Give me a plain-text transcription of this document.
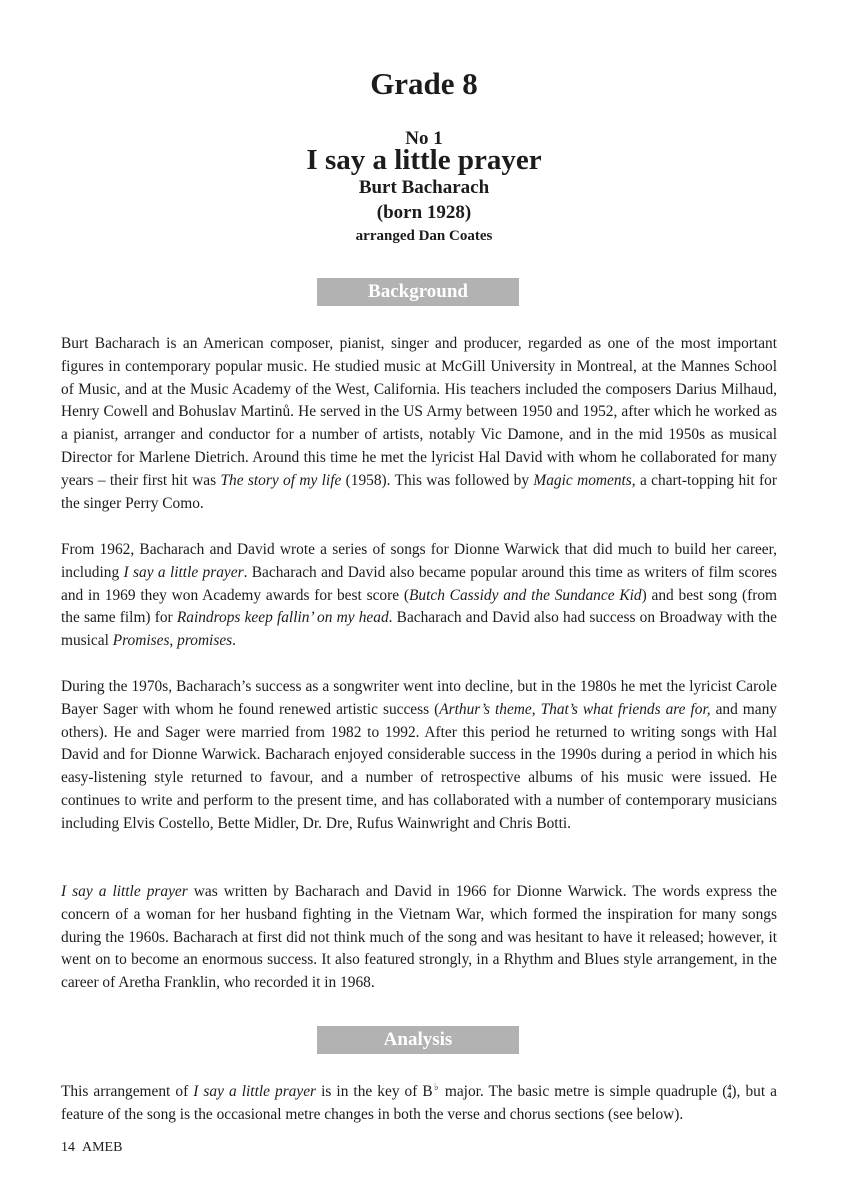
Grade 8
No 1
I say a little prayer
Burt Bacharach
(born 1928)
arranged Dan Coates
Background

Burt Bacharach is an American composer, pianist, singer and producer, regarded as one of the most important figures in contemporary popular music. He studied music at McGill University in Montreal, at the Mannes School of Music, and at the Music Academy of the West, California. His teachers included the composers Darius Milhaud, Henry Cowell and Bohuslav Martinů. He served in the US Army between 1950 and 1952, after which he worked as a pianist, arranger and conductor for a number of artists, notably Vic Damone, and in the mid 1950s as musical Director for Marlene Dietrich. Around this time he met the lyricist Hal David with whom he collaborated for many years – their first hit was The story of my life (1958). This was followed by Magic moments, a chart-topping hit for the singer Perry Como.

From 1962, Bacharach and David wrote a series of songs for Dionne Warwick that did much to build her career, including I say a little prayer. Bacharach and David also became popular around this time as writers of film scores and in 1969 they won Academy awards for best score (Butch Cassidy and the Sundance Kid) and best song (from the same film) for Raindrops keep fallin’ on my head. Bacharach and David also had success on Broadway with the musical Promises, promises.

During the 1970s, Bacharach’s success as a songwriter went into decline, but in the 1980s he met the lyricist Carole Bayer Sager with whom he found renewed artistic success (Arthur’s theme, That’s what friends are for, and many others). He and Sager were married from 1982 to 1992. After this period he returned to writing songs with Hal David and for Dionne Warwick. Bacharach enjoyed considerable success in the 1990s during a period in which his easy-listening style returned to favour, and a number of retrospective albums of his music were issued. He continues to write and perform to the present time, and has collaborated with a number of contemporary musicians including Elvis Costello, Bette Midler, Dr. Dre, Rufus Wainwright and Chris Botti.

I say a little prayer was written by Bacharach and David in 1966 for Dionne Warwick. The words express the concern of a woman for her husband fighting in the Vietnam War, which formed the inspiration for many songs during the 1960s. Bacharach at first did not think much of the song and was hesitant to have it released; however, it went on to become an enormous success. It also featured strongly, in a Rhythm and Blues style arrangement, in the career of Aretha Franklin, who recorded it in 1968.

Analysis

This arrangement of I say a little prayer is in the key of B♭ major. The basic metre is simple quadruple ( 4
4 ), but a feature of the song is the occasional metre changes in both the verse and chorus sections (see below).

14 AMEB
